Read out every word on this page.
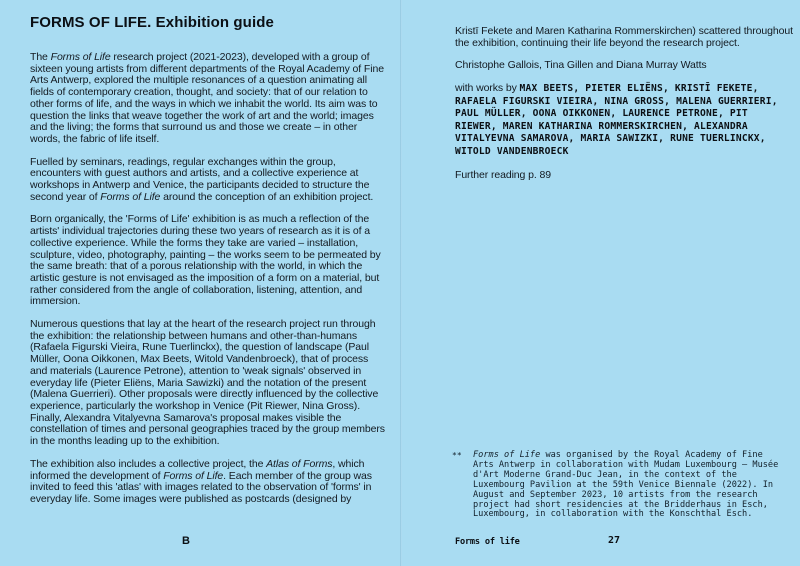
FORMS OF LIFE. Exhibition guide

The Forms of Life research project (2021-2023), developed with a group of sixteen young artists from different departments of the Royal Academy of Fine Arts Antwerp, explored the multiple resonances of a question animating all fields of contemporary creation, thought, and society: that of our relation to other forms of life, and the ways in which we inhabit the world. Its aim was to question the links that weave together the work of art and the world; images and the living; the forms that surround us and those we create – in other words, the fabric of life itself.

Fuelled by seminars, readings, regular exchanges within the group, encounters with guest authors and artists, and a collective experience at workshops in Antwerp and Venice, the participants decided to structure the second year of Forms of Life around the conception of an exhibition project.

Born organically, the 'Forms of Life' exhibition is as much a reflection of the artists' individual trajectories during these two years of research as it is of a collective experience. While the forms they take are varied – installation, sculpture, video, photography, painting – the works seem to be permeated by the same breath: that of a porous relationship with the world, in which the artistic gesture is not envisaged as the imposition of a form on a material, but rather considered from the angle of collaboration, listening, attention, and immersion.

Numerous questions that lay at the heart of the research project run through the exhibition: the relationship between humans and other-than-humans (Rafaela Figurski Vieira, Rune Tuerlinckx), the question of landscape (Paul Müller, Oona Oikkonen, Max Beets, Witold Vandenbroeck), that of process and materials (Laurence Petrone), attention to 'weak signals' observed in everyday life (Pieter Eliëns, Maria Sawizki) and the notation of the present (Malena Guerrieri). Other proposals were directly influenced by the collective experience, particularly the workshop in Venice (Pit Riewer, Nina Gross). Finally, Alexandra Vitalyevna Samarova's proposal makes visible the constellation of times and personal geographies traced by the group members in the months leading up to the exhibition.

The exhibition also includes a collective project, the Atlas of Forms, which informed the development of Forms of Life. Each member of the group was invited to feed this 'atlas' with images related to the observation of 'forms' in everyday life. Some images were published as postcards (designed by

B

Kristī Fekete and Maren Katharina Rommerskirchen) scattered throughout the exhibition, continuing their life beyond the research project.

Christophe Gallois, Tina Gillen and Diana Murray Watts

with works by MAX BEETS, PIETER ELIËNS, KRISTĪ FEKETE, RAFAELA FIGURSKI VIEIRA, NINA GROSS, MALENA GUERRIERI, PAUL MÜLLER, OONA OIKKONEN, LAURENCE PETRONE, PIT RIEWER, MAREN KATHARINA ROMMERSKIRCHEN, ALEXANDRA VITALYEVNA SAMAROVA, MARIA SAWIZKI, RUNE TUERLINCKX, WITOLD VANDENBROECK

Further reading p. 89

**	Forms of Life was organised by the Royal Academy of Fine Arts Antwerp in collaboration with Mudam Luxembourg – Musée d'Art Moderne Grand-Duc Jean, in the context of the Luxembourg Pavilion at the 59th Venice Biennale (2022). In August and September 2023, 10 artists from the research project had short residencies at the Bridderhaus in Esch, Luxembourg, in collaboration with the Konschthal Esch.
Forms of life	27
